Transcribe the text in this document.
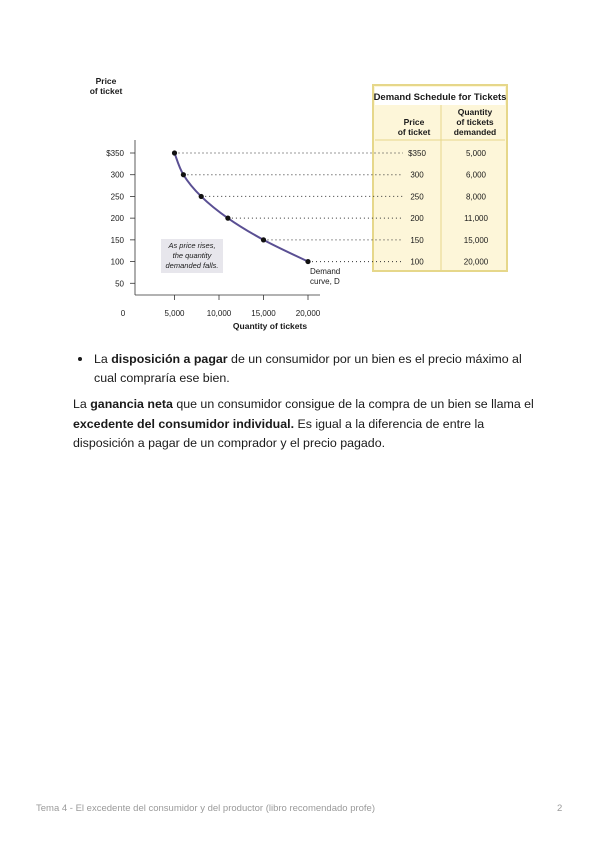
Demand Schedule for Tickets
Price
of ticket
Quantity
of tickets
demanded
$350	5,000
300	6,000
250	8,000
200	11,000
150	15,000
100	20,000
Price
of ticket
Quantity of tickets
$350
300
250
200
150
100
50
0	5,000	10,000	15,000	20,000
As price rises,
the quantity
demanded falls.
Demand
curve, D
La disposición a pagar de un consumidor por un bien es el precio máximo al cual compraría ese bien.
La ganancia neta que un consumidor consigue de la compra de un bien se llama el excedente del consumidor individual. Es igual a la diferencia de entre la disposición a pagar de un comprador y el precio pagado.
Tema 4 - El excedente del consumidor y del productor (libro recomendado profe)	2
